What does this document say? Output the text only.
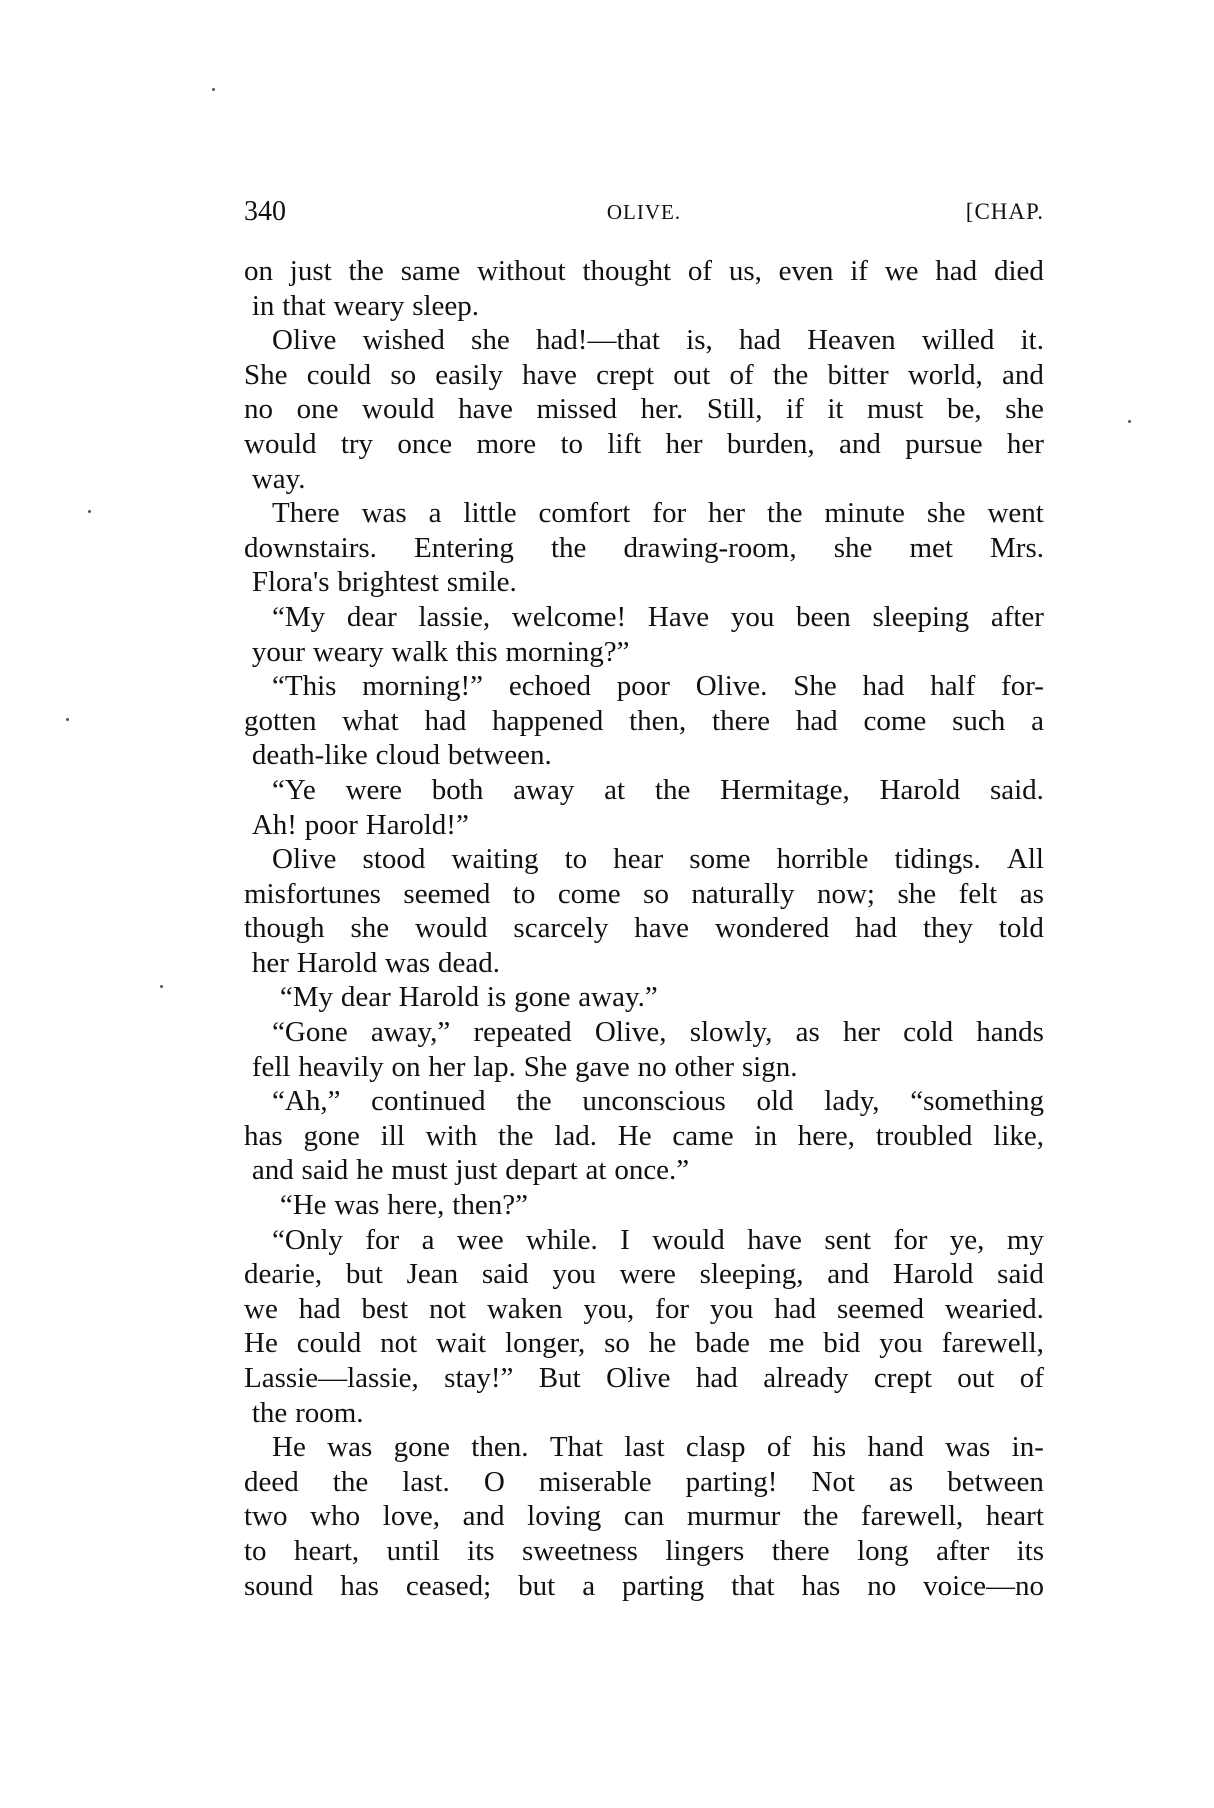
340	OLIVE.	[CHAP.
on just the same without thought of us, even if we had died
in that weary sleep.
Olive wished she had!—that is, had Heaven willed it.
She could so easily have crept out of the bitter world, and
no one would have missed her. Still, if it must be, she
would try once more to lift her burden, and pursue her
way.
There was a little comfort for her the minute she went
downstairs. Entering the drawing-room, she met Mrs.
Flora's brightest smile.
“My dear lassie, welcome! Have you been sleeping after
your weary walk this morning?”
“This morning!” echoed poor Olive. She had half for-
gotten what had happened then, there had come such a
death-like cloud between.
“Ye were both away at the Hermitage, Harold said.
Ah! poor Harold!”
Olive stood waiting to hear some horrible tidings. All
misfortunes seemed to come so naturally now; she felt as
though she would scarcely have wondered had they told
her Harold was dead.
“My dear Harold is gone away.”
“Gone away,” repeated Olive, slowly, as her cold hands
fell heavily on her lap. She gave no other sign.
“Ah,” continued the unconscious old lady, “something
has gone ill with the lad. He came in here, troubled like,
and said he must just depart at once.”
“He was here, then?”
“Only for a wee while. I would have sent for ye, my
dearie, but Jean said you were sleeping, and Harold said
we had best not waken you, for you had seemed wearied.
He could not wait longer, so he bade me bid you farewell,
Lassie—lassie, stay!” But Olive had already crept out of
the room.
He was gone then. That last clasp of his hand was in-
deed the last. O miserable parting! Not as between
two who love, and loving can murmur the farewell, heart
to heart, until its sweetness lingers there long after its
sound has ceased; but a parting that has no voice—no
